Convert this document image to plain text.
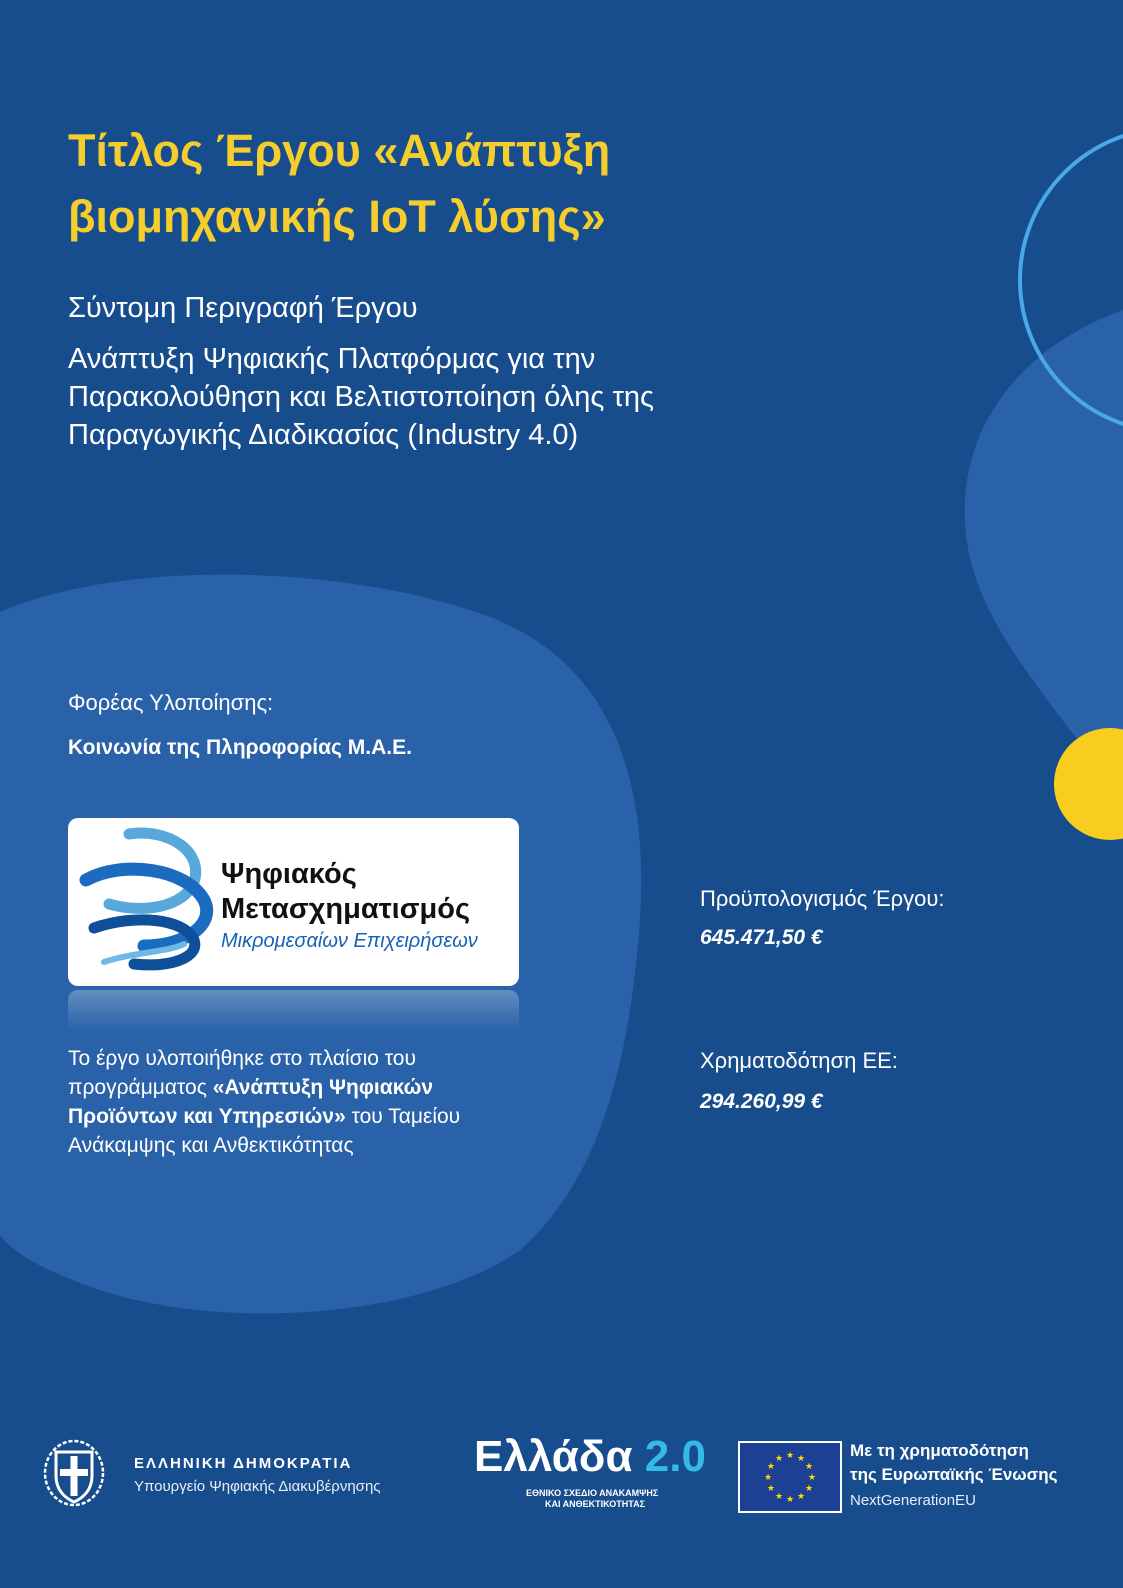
Τίτλος Έργου «Ανάπτυξη βιομηχανικής IoT λύσης»
Σύντομη Περιγραφή Έργου
Ανάπτυξη Ψηφιακής Πλατφόρμας για την Παρακολούθηση και Βελτιστοποίηση όλης της Παραγωγικής Διαδικασίας (Industry 4.0)
Φορέας Υλοποίησης:
Κοινωνία της Πληροφορίας Μ.Α.Ε.
Ψηφιακός
Μετασχηματισμός
Μικρομεσαίων Επιχειρήσεων
Το έργο υλοποιήθηκε στο πλαίσιο του προγράμματος «Ανάπτυξη Ψηφιακών Προϊόντων και Υπηρεσιών» του Ταμείου Ανάκαμψης και Ανθεκτικότητας
Προϋπολογισμός Έργου:
645.471,50 €
Χρηματοδότηση ΕΕ:
294.260,99 €
ΕΛΛΗΝΙΚΗ ΔΗΜΟΚΡΑΤΙΑ
Υπουργείο Ψηφιακής Διακυβέρνησης
Ελλάδα 2.0
ΕΘΝΙΚΟ ΣΧΕΔΙΟ ΑΝΑΚΑΜΨΗΣ
ΚΑΙ ΑΝΘΕΚΤΙΚΟΤΗΤΑΣ
★ ★
★
★
★
★
★
★
★
★
★
★	Με τη χρηματοδότηση
της Ευρωπαϊκής Ένωσης
NextGenerationEU
